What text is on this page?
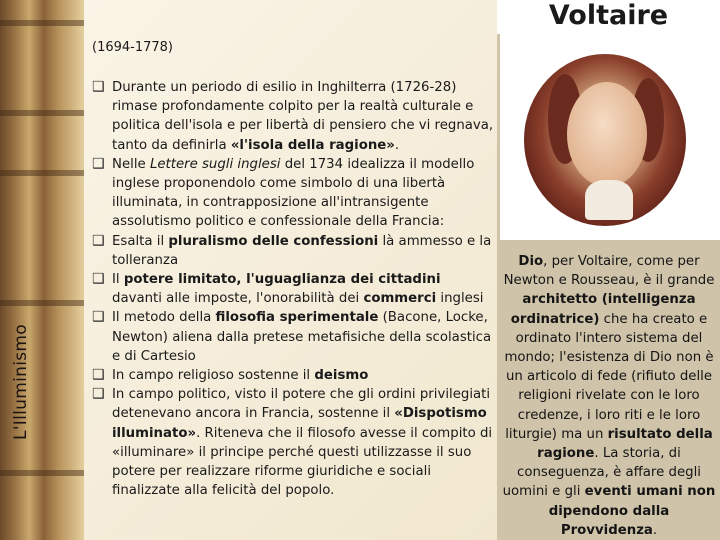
L'Illuminismo
Voltaire
(1694-1778)
❑ Durante un periodo di esilio in Inghilterra (1726-28) rimase profondamente colpito per la realtà culturale e politica dell'isola e per libertà di pensiero che vi regnava, tanto da definirla «l'isola della ragione».
❑ Nelle Lettere sugli inglesi del 1734 idealizza il modello inglese proponendolo come simbolo di una libertà illuminata, in contrapposizione all'intransigente assolutismo politico e confessionale della Francia:
❑ Esalta il pluralismo delle confessioni là ammesso e la tolleranza
❑ Il potere limitato, l'uguaglianza dei cittadini davanti alle imposte, l'onorabilità dei commerci inglesi
❑ Il metodo della filosofia sperimentale (Bacone, Locke, Newton) aliena dalla pretese metafisiche della scolastica e di Cartesio
❑ In campo religioso sostenne il deismo
❑ In campo politico, visto il potere che gli ordini privilegiati detenevano ancora in Francia, sostenne il «Dispotismo illuminato». Riteneva che il filosofo avesse il compito di «illuminare» il principe perché questi utilizzasse il suo potere per realizzare riforme giuridiche e sociali finalizzate alla felicità del popolo.
Dio, per Voltaire, come per Newton e Rousseau, è il grande architetto (intelligenza ordinatrice) che ha creato e ordinato l'intero sistema del mondo; l'esistenza di Dio non è un articolo di fede (rifiuto delle religioni rivelate con le loro credenze, i loro riti e le loro liturgie) ma un risultato della ragione. La storia, di conseguenza, è affare degli uomini e gli eventi umani non dipendono dalla Provvidenza.
